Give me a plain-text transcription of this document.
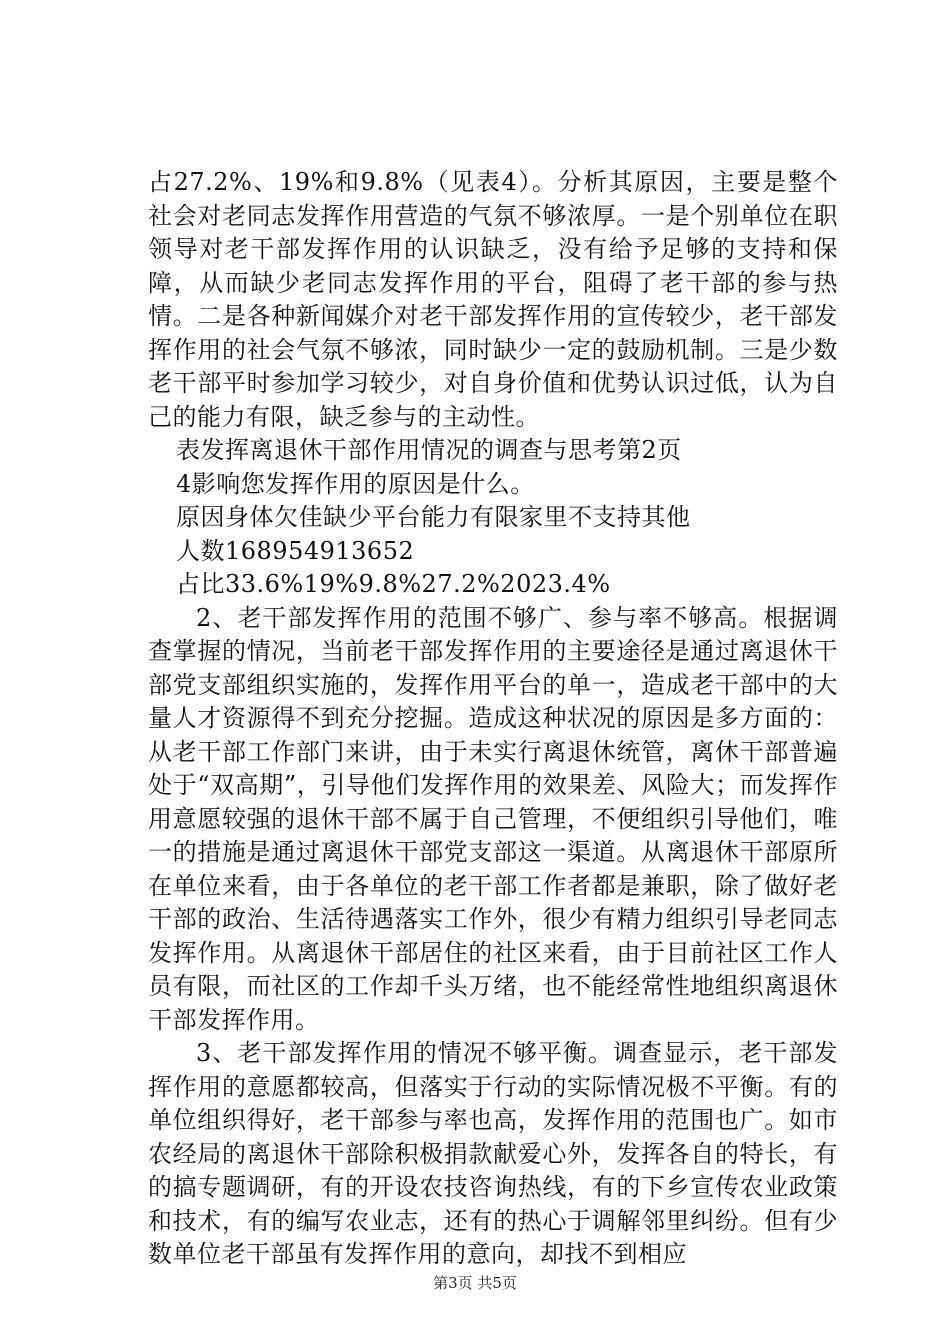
占27.2%、19%和9.8%（见表4）。分析其原因，主要是整个社会对老同志发挥作用营造的气氛不够浓厚。一是个别单位在职领导对老干部发挥作用的认识缺乏，没有给予足够的支持和保障，从而缺少老同志发挥作用的平台，阻碍了老干部的参与热情。二是各种新闻媒介对老干部发挥作用的宣传较少，老干部发挥作用的社会气氛不够浓，同时缺少一定的鼓励机制。三是少数老干部平时参加学习较少，对自身价值和优势认识过低，认为自己的能力有限，缺乏参与的主动性。

表发挥离退休干部作用情况的调查与思考第2页

4影响您发挥作用的原因是什么。

原因身体欠佳缺少平台能力有限家里不支持其他

人数168954913652

占比33.6%19%9.8%27.2%2023.4%

2、老干部发挥作用的范围不够广、参与率不够高。根据调查掌握的情况，当前老干部发挥作用的主要途径是通过离退休干部党支部组织实施的，发挥作用平台的单一，造成老干部中的大量人才资源得不到充分挖掘。造成这种状况的原因是多方面的：从老干部工作部门来讲，由于未实行离退休统管，离休干部普遍处于“双高期”，引导他们发挥作用的效果差、风险大；而发挥作用意愿较强的退休干部不属于自己管理，不便组织引导他们，唯一的措施是通过离退休干部党支部这一渠道。从离退休干部原所在单位来看，由于各单位的老干部工作者都是兼职，除了做好老干部的政治、生活待遇落实工作外，很少有精力组织引导老同志发挥作用。从离退休干部居住的社区来看，由于目前社区工作人员有限，而社区的工作却千头万绪，也不能经常性地组织离退休干部发挥作用。

3、老干部发挥作用的情况不够平衡。调查显示，老干部发挥作用的意愿都较高，但落实于行动的实际情况极不平衡。有的单位组织得好，老干部参与率也高，发挥作用的范围也广。如市农经局的离退休干部除积极捐款献爱心外，发挥各自的特长，有的搞专题调研，有的开设农技咨询热线，有的下乡宣传农业政策和技术，有的编写农业志，还有的热心于调解邻里纠纷。但有少数单位老干部虽有发挥作用的意向，却找不到相应

第3页 共5页
